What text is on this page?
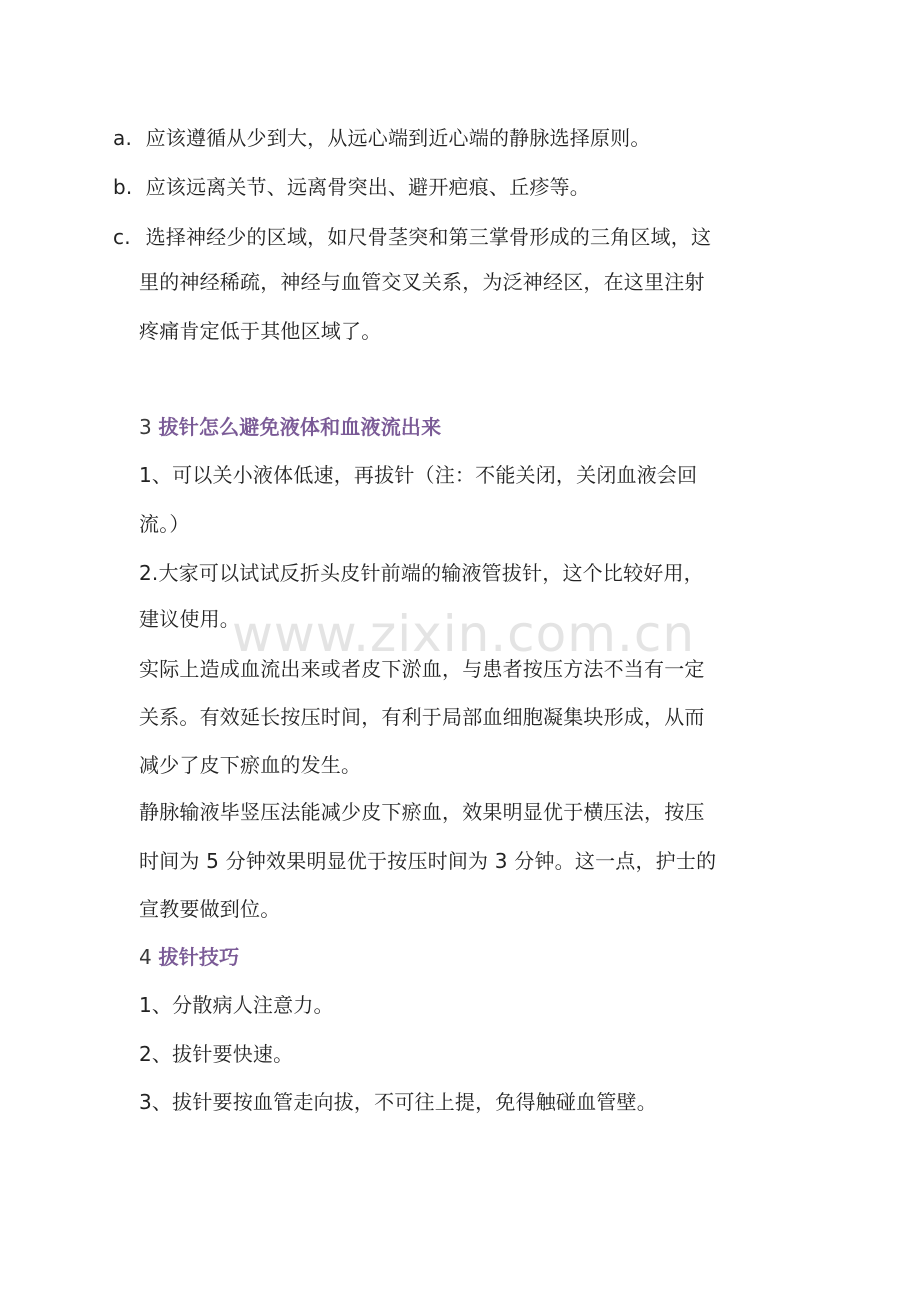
www.zixin.com.cn
a. 应该遵循从少到大，从远心端到近心端的静脉选择原则。
b. 应该远离关节、远离骨突出、避开疤痕、丘疹等。
c. 选择神经少的区域，如尺骨茎突和第三掌骨形成的三角区域，这
里的神经稀疏，神经与血管交叉关系，为泛神经区，在这里注射
疼痛肯定低于其他区域了。
3 拔针怎么避免液体和血液流出来
1、可以关小液体低速，再拔针（注：不能关闭，关闭血液会回
流。）
2.大家可以试试反折头皮针前端的输液管拔针，这个比较好用，
建议使用。
实际上造成血流出来或者皮下淤血，与患者按压方法不当有一定
关系。有效延长按压时间，有利于局部血细胞凝集块形成，从而
减少了皮下瘀血的发生。
静脉输液毕竖压法能减少皮下瘀血，效果明显优于横压法，按压
时间为 5 分钟效果明显优于按压时间为 3 分钟。这一点，护士的
宣教要做到位。
4 拔针技巧
1、分散病人注意力。
2、拔针要快速。
3、拔针要按血管走向拔，不可往上提，免得触碰血管壁。
